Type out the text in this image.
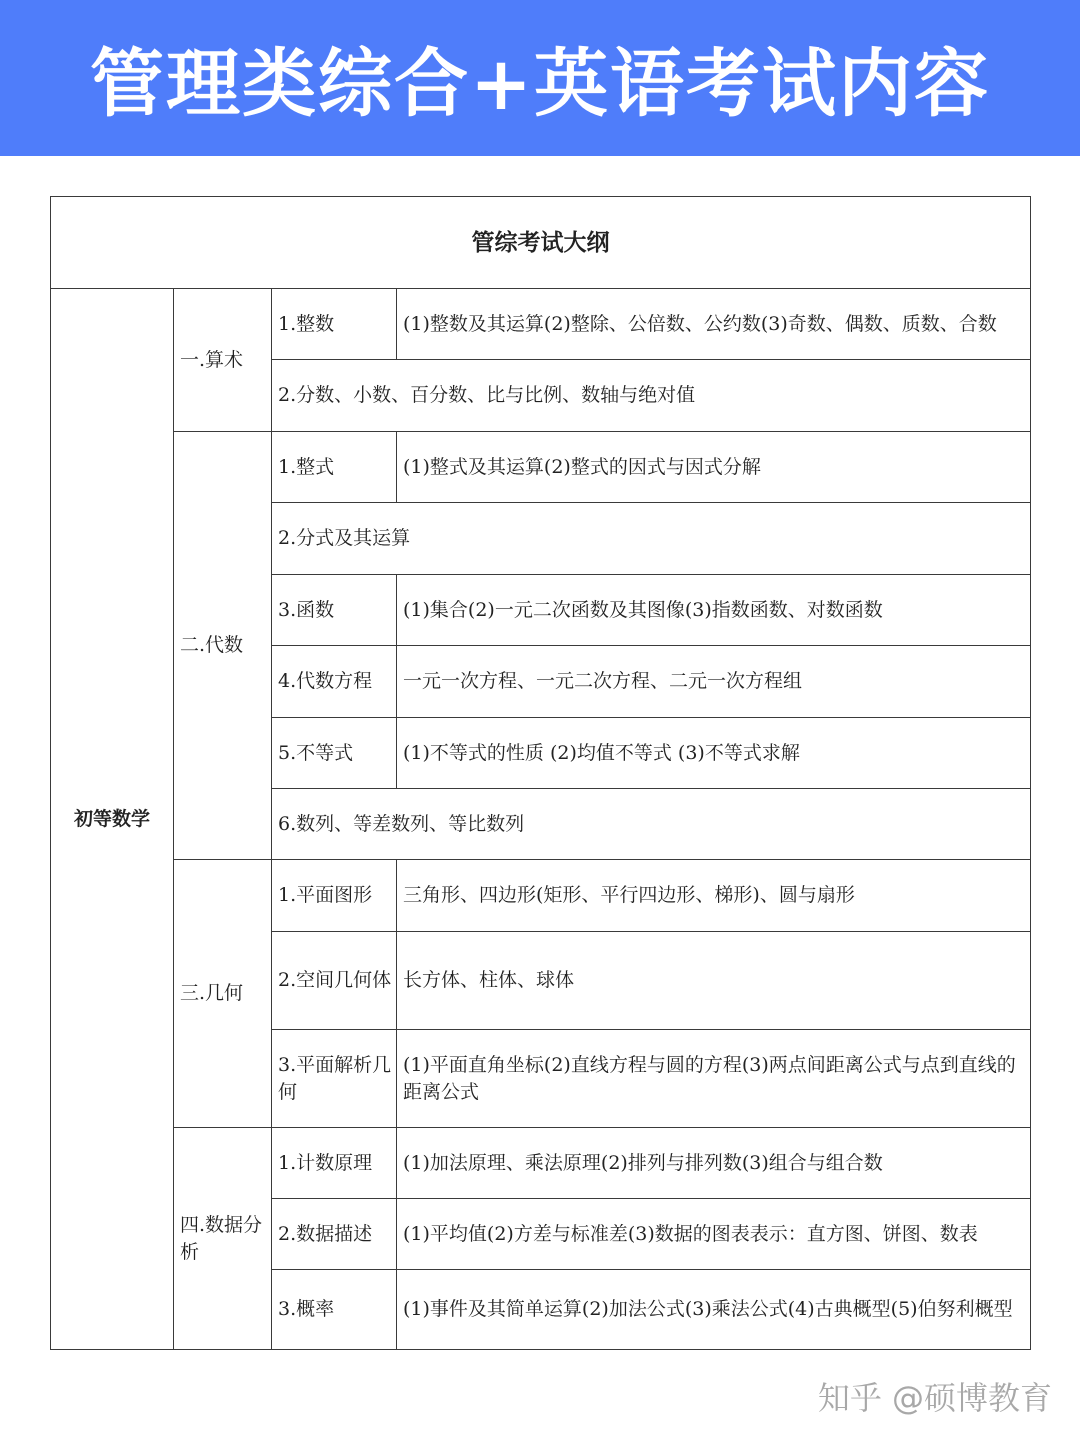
管理类综合+英语考试内容
管综考试大纲			
初等数学	一.算术	1.整数	(1)整数及其运算(2)整除、公倍数、公约数(3)奇数、偶数、质数、合数
		2.分数、小数、百分数、比与比例、数轴与绝对值	
	二.代数	1.整式	(1)整式及其运算(2)整式的因式与因式分解
		2.分式及其运算	
		3.函数	(1)集合(2)一元二次函数及其图像(3)指数函数、对数函数
		4.代数方程	一元一次方程、一元二次方程、二元一次方程组
		5.不等式	(1)不等式的性质 (2)均值不等式 (3)不等式求解
		6.数列、等差数列、等比数列	
	三.几何	1.平面图形	三角形、四边形(矩形、平行四边形、梯形)、圆与扇形
		2.空间几何体	长方体、柱体、球体
		3.平面解析几何	(1)平面直角坐标(2)直线方程与圆的方程(3)两点间距离公式与点到直线的距离公式
	四.数据分析	1.计数原理	(1)加法原理、乘法原理(2)排列与排列数(3)组合与组合数
		2.数据描述	(1)平均值(2)方差与标准差(3)数据的图表表示：直方图、饼图、数表
		3.概率	(1)事件及其简单运算(2)加法公式(3)乘法公式(4)古典概型(5)伯努利概型
知乎 @硕博教育
